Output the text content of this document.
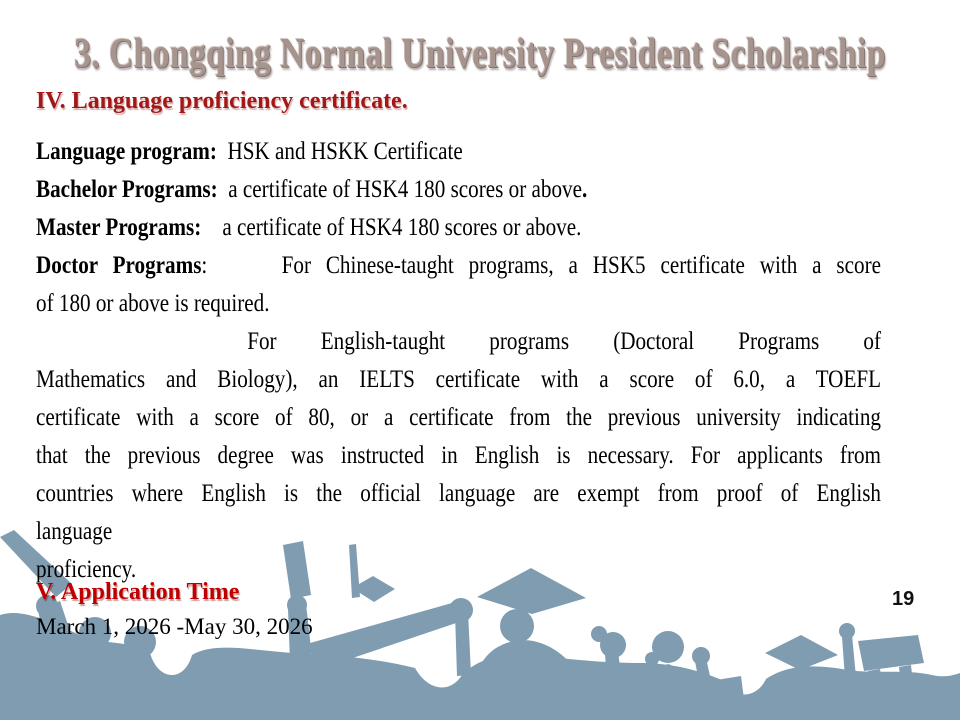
3. Chongqing Normal University President Scholarship
IV. Language proficiency certificate.
Language program:  HSK and HSKK Certificate
Bachelor Programs:  a certificate of HSK4 180 scores or above.
Master Programs:    a certificate of HSK4 180 scores or above.
Doctor Programs:     For Chinese-taught programs, a HSK5 certificate with a score
of 180 or above is required.
For English-taught programs (Doctoral Programs of
Mathematics and Biology), an IELTS certificate with a score of 6.0, a TOEFL
certificate with a score of 80, or a certificate from the previous university indicating
that the previous degree was instructed in English is necessary. For applicants from
countries where English is the official language are exempt from proof of English
language
proficiency.
V. Application Time
March 1, 2026 -May 30, 2026
19
